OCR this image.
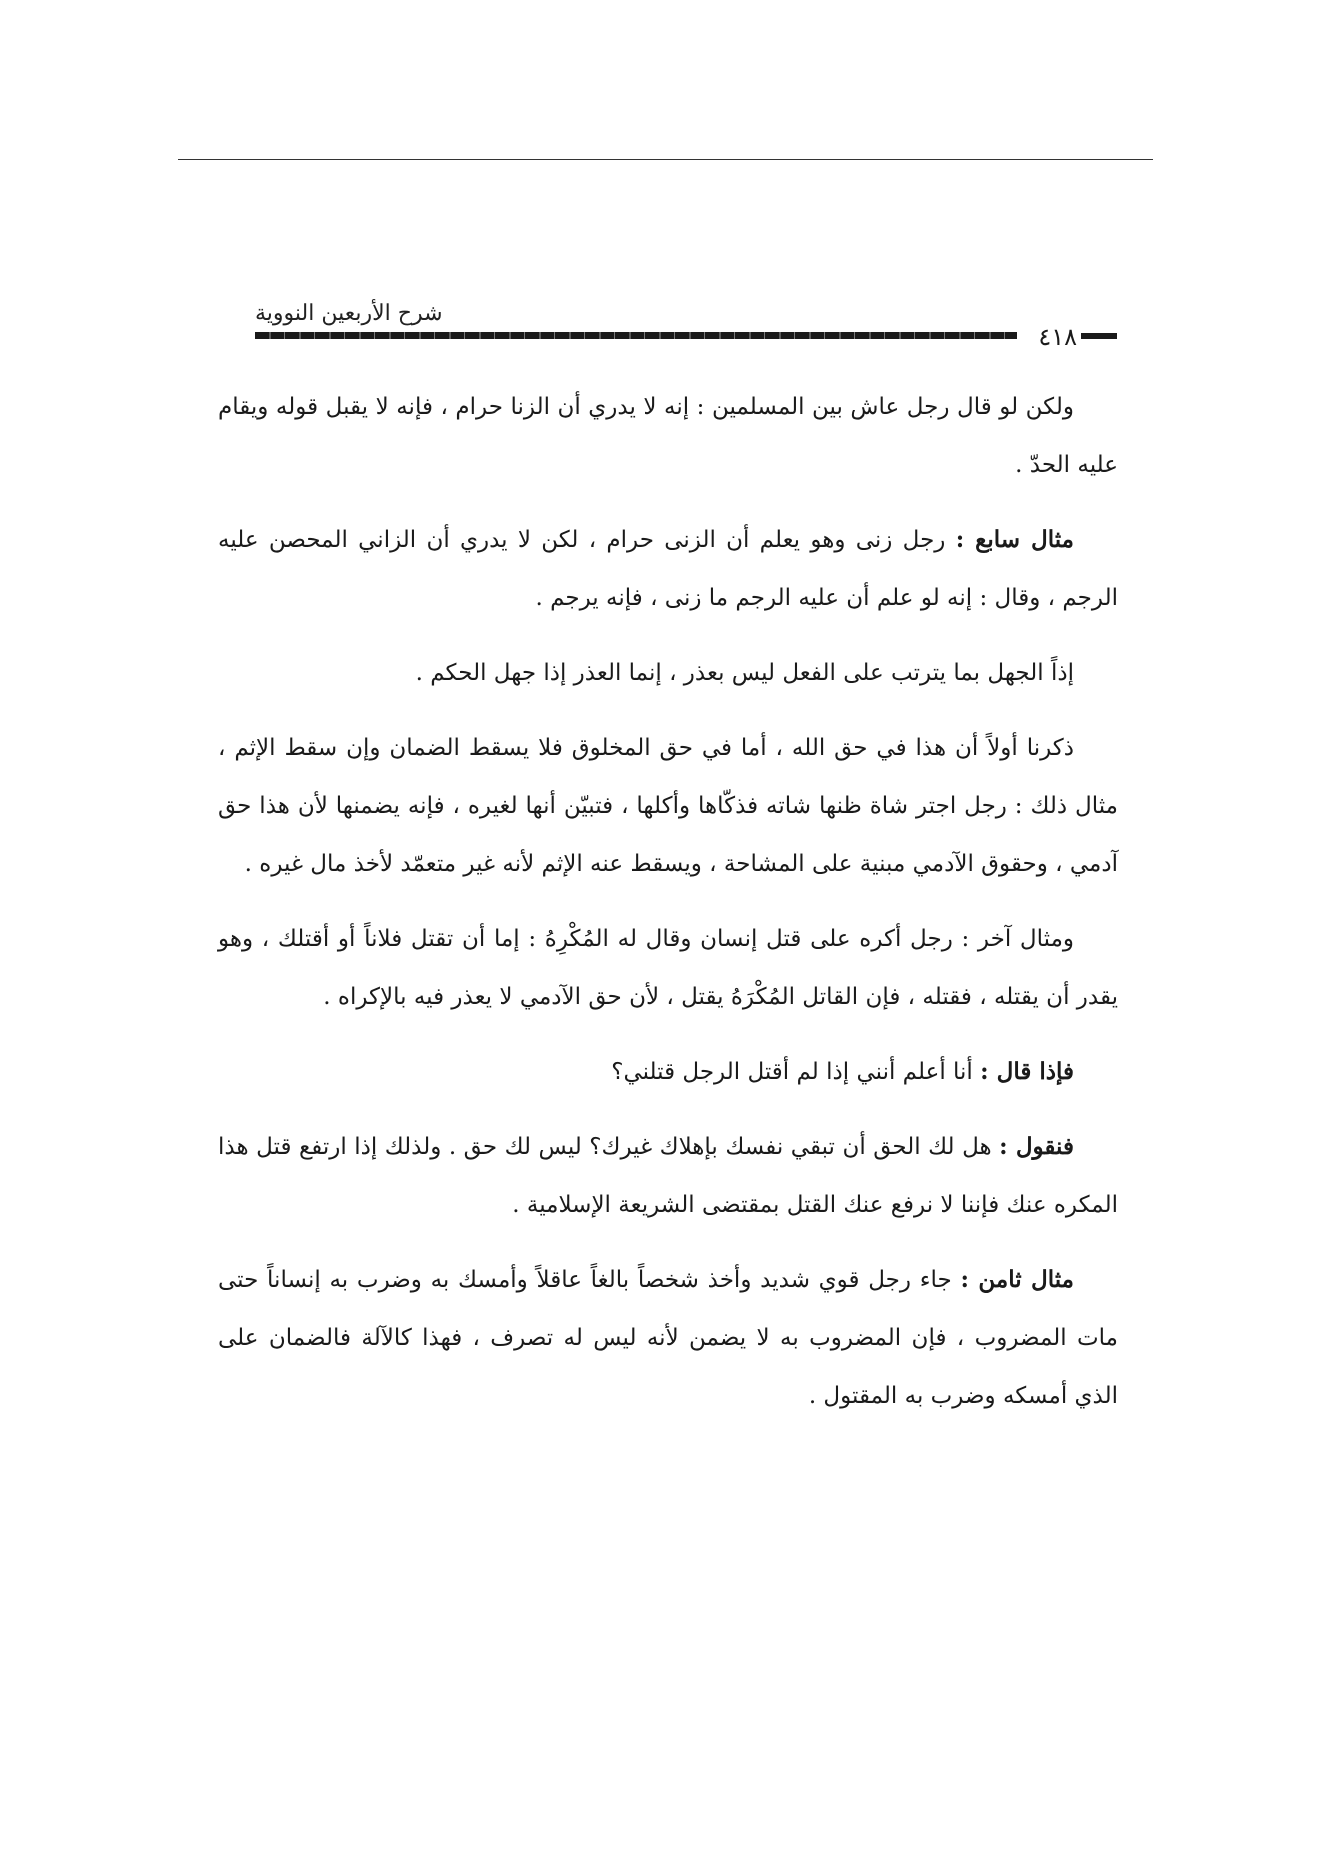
شرح الأربعين النووية
٤١٨

ولكن لو قال رجل عاش بين المسلمين : إنه لا يدري أن الزنا حرام ، فإنه لا يقبل قوله ويقام عليه الحدّ .

مثال سابع : رجل زنى وهو يعلم أن الزنى حرام ، لكن لا يدري أن الزاني المحصن عليه الرجم ، وقال : إنه لو علم أن عليه الرجم ما زنى ، فإنه يرجم .

إذاً الجهل بما يترتب على الفعل ليس بعذر ، إنما العذر إذا جهل الحكم .

ذكرنا أولاً أن هذا في حق الله ، أما في حق المخلوق فلا يسقط الضمان وإن سقط الإثم ، مثال ذلك : رجل اجتر شاة ظنها شاته فذكّاها وأكلها ، فتبيّن أنها لغيره ، فإنه يضمنها لأن هذا حق آدمي ، وحقوق الآدمي مبنية على المشاحة ، ويسقط عنه الإثم لأنه غير متعمّد لأخذ مال غيره .

ومثال آخر : رجل أكره على قتل إنسان وقال له المُكْرِهُ : إما أن تقتل فلاناً أو أقتلك ، وهو يقدر أن يقتله ، فقتله ، فإن القاتل المُكْرَهُ يقتل ، لأن حق الآدمي لا يعذر فيه بالإكراه .

فإذا قال : أنا أعلم أنني إذا لم أقتل الرجل قتلني؟

فنقول : هل لك الحق أن تبقي نفسك بإهلاك غيرك؟ ليس لك حق . ولذلك إذا ارتفع قتل هذا المكره عنك فإننا لا نرفع عنك القتل بمقتضى الشريعة الإسلامية .

مثال ثامن : جاء رجل قوي شديد وأخذ شخصاً بالغاً عاقلاً وأمسك به وضرب به إنساناً حتى مات المضروب ، فإن المضروب به لا يضمن لأنه ليس له تصرف ، فهذا كالآلة فالضمان على الذي أمسكه وضرب به المقتول .
